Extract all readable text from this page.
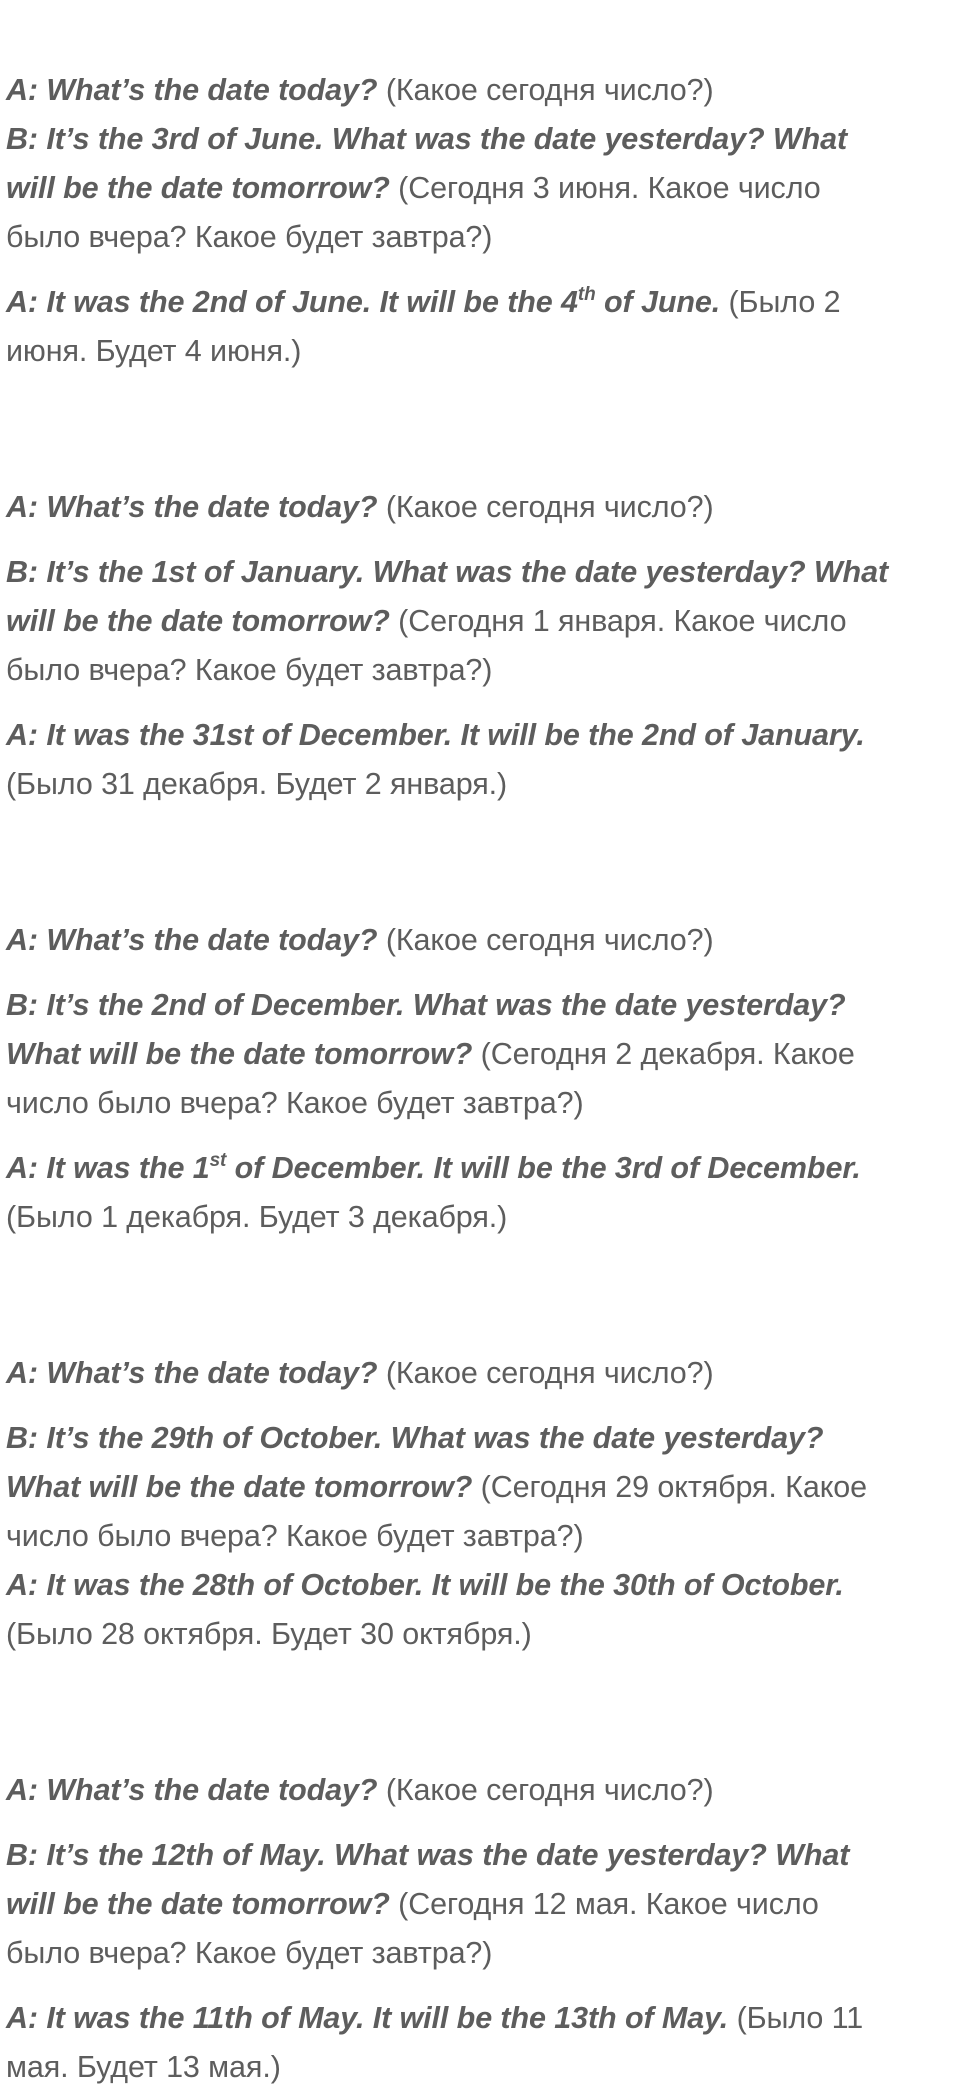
A: What’s the date today? (Какое сегодня число?)

B: It’s the 3rd of June. What was the date yesterday? What

will be the date tomorrow? (Сегодня 3 июня. Какое число

было вчера? Какое будет завтра?)

A: It was the 2nd of June. It will be the 4th of June. (Было 2

июня. Будет 4 июня.)

A: What’s the date today? (Какое сегодня число?)

B: It’s the 1st of January. What was the date yesterday? What

will be the date tomorrow? (Сегодня 1 января. Какое число

было вчера? Какое будет завтра?)

A: It was the 31st of December. It will be the 2nd of January.

(Было 31 декабря. Будет 2 января.)

A: What’s the date today? (Какое сегодня число?)

B: It’s the 2nd of December. What was the date yesterday?

What will be the date tomorrow? (Сегодня 2 декабря. Какое

число было вчера? Какое будет завтра?)

A: It was the 1st of December. It will be the 3rd of December.

(Было 1 декабря. Будет 3 декабря.)

A: What’s the date today? (Какое сегодня число?)

B: It’s the 29th of October. What was the date yesterday?

What will be the date tomorrow? (Сегодня 29 октября. Какое

число было вчера? Какое будет завтра?)

A: It was the 28th of October. It will be the 30th of October.

(Было 28 октября. Будет 30 октября.)

A: What’s the date today? (Какое сегодня число?)

B: It’s the 12th of May. What was the date yesterday? What

will be the date tomorrow? (Сегодня 12 мая. Какое число

было вчера? Какое будет завтра?)

A: It was the 11th of May. It will be the 13th of May. (Было 11

мая. Будет 13 мая.)
